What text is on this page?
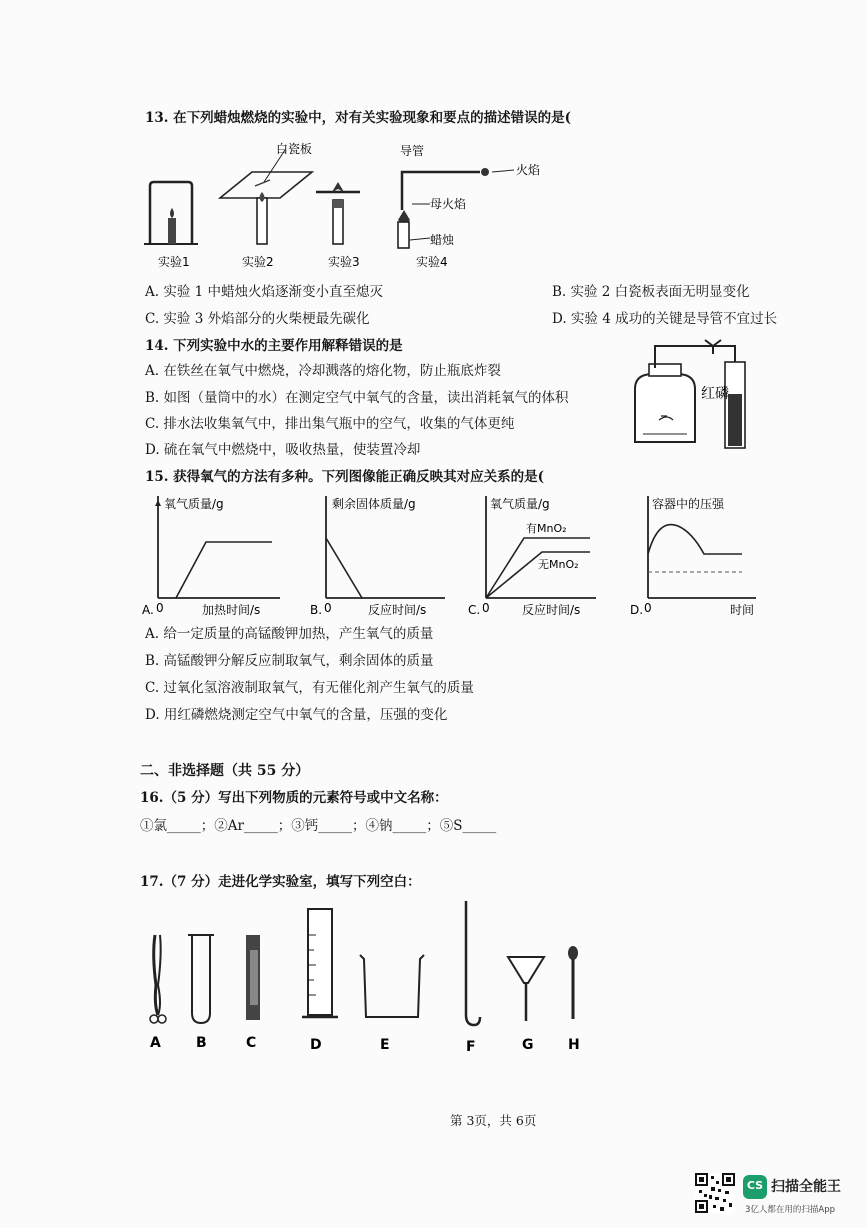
13. 在下列蜡烛燃烧的实验中，对有关实验现象和要点的描述错误的是(
白瓷板	导管
火焰
母火焰
蜡烛
实验1	实验2	实验3	实验4
A. 实验 1 中蜡烛火焰逐渐变小直至熄灭	B. 实验 2 白瓷板表面无明显变化
C. 实验 3 外焰部分的火柴梗最先碳化	D. 实验 4 成功的关键是导管不宜过长
14. 下列实验中水的主要作用解释错误的是
A. 在铁丝在氧气中燃烧，冷却溅落的熔化物，防止瓶底炸裂
B. 如图（量筒中的水）在测定空气中氧气的含量，读出消耗氧气的体积
C. 排水法收集氧气中，排出集气瓶中的空气，收集的气体更纯
D. 硫在氧气中燃烧中，吸收热量，使装置冷却
红磷
15. 获得氧气的方法有多种。下列图像能正确反映其对应关系的是(
氧气质量/g
A. 0	加热时间/s
剩余固体质量/g
B. 0	反应时间/s
氧气质量/g
有MnO₂
无MnO₂
C. 0	反应时间/s
容器中的压强
D. 0	时间
A. 给一定质量的高锰酸钾加热，产生氧气的质量
B. 高锰酸钾分解反应制取氧气，剩余固体的质量
C. 过氧化氢溶液制取氧气，有无催化剂产生氧气的质量
D. 用红磷燃烧测定空气中氧气的含量，压强的变化
二、非选择题（共 55 分）
16.（5 分）写出下列物质的元素符号或中文名称：
①氯_____；②Ar_____；③钙_____；④钠_____；⑤S_____
17.（7 分）走进化学实验室，填写下列空白：
A	B	C	D	E	F	G H
第 3页，共 6页
CS 扫描全能王
3亿人都在用的扫描App
